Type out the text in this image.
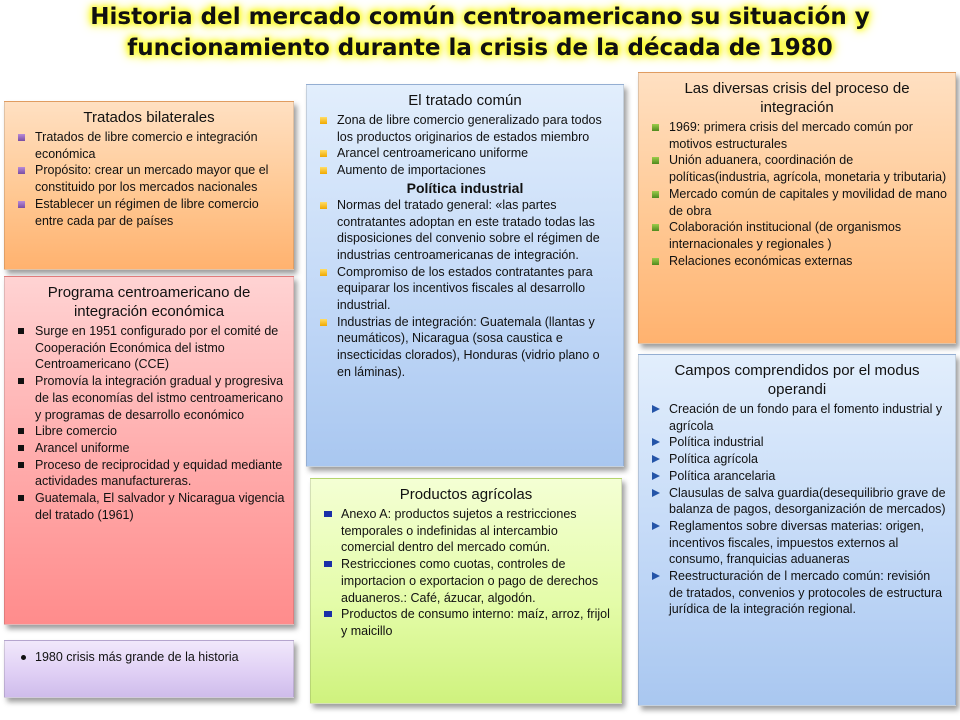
Historia del mercado común centroamericano su situación y
funcionamiento durante la crisis de la década de 1980
Tratados bilaterales
Tratados de libre comercio e integración económica
Propósito: crear un mercado mayor que el constituido por los mercados nacionales
Establecer un régimen de libre comercio entre cada par de países
Programa centroamericano de integración económica
Surge en 1951 configurado por el comité de Cooperación Económica del istmo Centroamericano (CCE)
Promovía la integración gradual y progresiva de las economías del istmo centroamericano y programas de desarrollo económico
Libre comercio
Arancel uniforme
Proceso de reciprocidad y equidad mediante actividades manufactureras.
Guatemala, El salvador y Nicaragua vigencia del tratado (1961)
1980 crisis más grande de la historia
El tratado común
Zona de libre comercio generalizado para todos los productos originarios de estados miembro
Arancel centroamericano uniforme
Aumento de importaciones
Política industrial
Normas del tratado general: «las partes contratantes adoptan en este tratado todas las disposiciones del convenio sobre el régimen de industrias centroamericanas de integración.
Compromiso de los estados contratantes para equiparar los incentivos fiscales al desarrollo industrial.
Industrias de integración: Guatemala (llantas y neumáticos), Nicaragua (sosa caustica e insecticidas clorados), Honduras (vidrio plano o en láminas).
Productos agrícolas
Anexo A: productos sujetos a restricciones temporales o indefinidas al intercambio comercial dentro del mercado común.
Restricciones como cuotas, controles de importacion o exportacion o pago de derechos aduaneros.: Café, ázucar, algodón.
Productos de consumo interno: maíz, arroz, frijol y maicillo
Las diversas crisis del proceso de integración
1969: primera crisis del mercado común por motivos estructurales
Unión aduanera, coordinación de políticas(industria, agrícola, monetaria y tributaria)
Mercado común de capitales y movilidad de mano de obra
Colaboración institucional (de organismos internacionales y regionales )
Relaciones económicas externas
Campos comprendidos por el modus operandi
Creación de un fondo para el fomento industrial y agrícola
Política industrial
Política agrícola
Política arancelaria
Clausulas de salva guardia(desequilibrio grave de balanza de pagos, desorganización de mercados)
Reglamentos sobre diversas materias: origen, incentivos fiscales, impuestos externos al consumo, franquicias aduaneras
Reestructuración de l mercado común: revisión de tratados, convenios y protocoles de estructura jurídica de la integración regional.
